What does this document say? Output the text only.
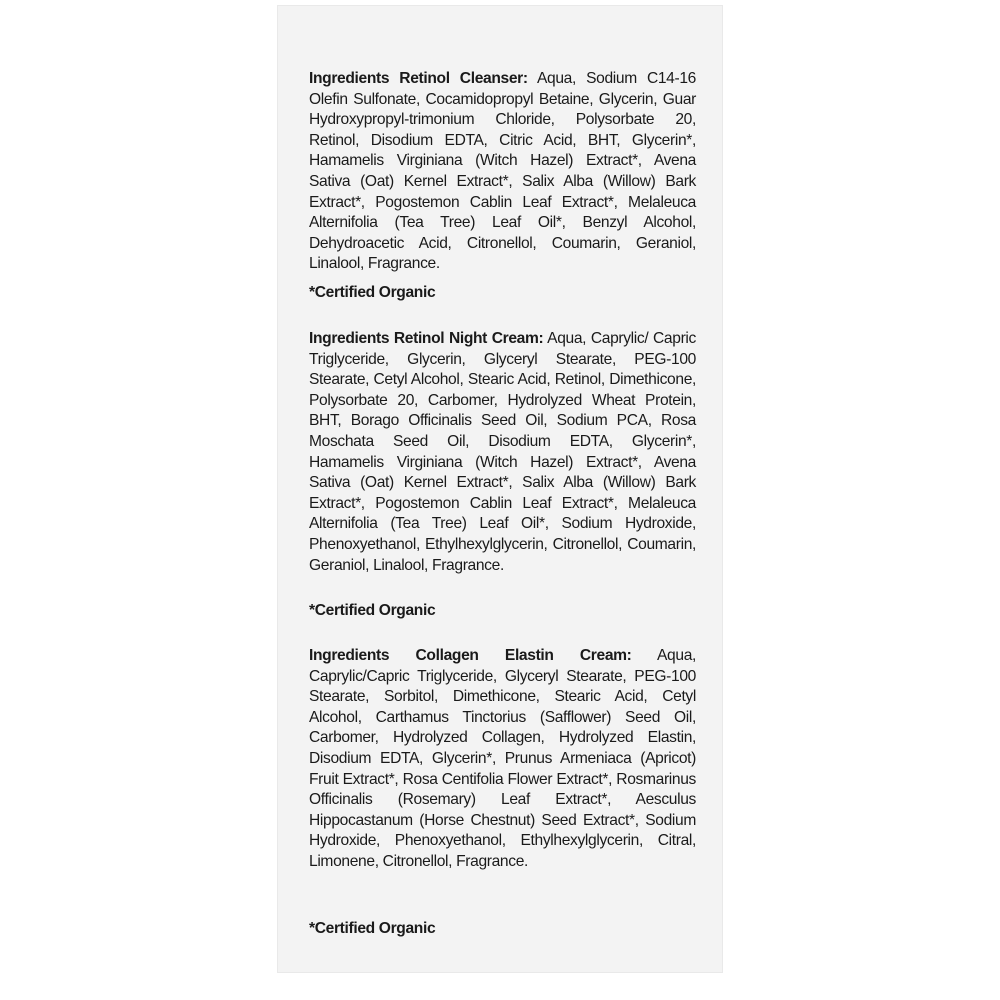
Ingredients Retinol Cleanser: Aqua, Sodium C14-16 Olefin Sulfonate, Cocamidopropyl Betaine, Glycerin, Guar Hydroxypropyl-trimonium Chloride, Polysorbate 20, Retinol, Disodium EDTA, Citric Acid, BHT, Glycerin*, Hamamelis Virginiana (Witch Hazel) Extract*, Avena Sativa (Oat) Kernel Extract*, Salix Alba (Willow) Bark Extract*, Pogostemon Cablin Leaf Extract*, Melaleuca Alternifolia (Tea Tree) Leaf Oil*, Benzyl Alcohol, Dehydroacetic Acid, Citronellol, Coumarin, Geraniol, Linalool, Fragrance.

*Certified Organic

Ingredients Retinol Night Cream: Aqua, Caprylic/ Capric Triglyceride, Glycerin, Glyceryl Stearate, PEG-100 Stearate, Cetyl Alcohol, Stearic Acid, Retinol, Dimethicone, Polysorbate 20, Carbomer, Hydrolyzed Wheat Protein, BHT, Borago Officinalis Seed Oil, Sodium PCA, Rosa Moschata Seed Oil, Disodium EDTA, Glycerin*, Hamamelis Virginiana (Witch Hazel) Extract*, Avena Sativa (Oat) Kernel Extract*, Salix Alba (Willow) Bark Extract*, Pogostemon Cablin Leaf Extract*, Melaleuca Alternifolia (Tea Tree) Leaf Oil*, Sodium Hydroxide, Phenoxyethanol, Ethylhexylglycerin, Citronellol, Coumarin, Geraniol, Linalool, Fragrance.

*Certified Organic

Ingredients Collagen Elastin Cream: Aqua, Caprylic/Capric Triglyceride, Glyceryl Stearate, PEG-100 Stearate, Sorbitol, Dimethicone, Stearic Acid, Cetyl Alcohol, Carthamus Tinctorius (Safflower) Seed Oil, Carbomer, Hydrolyzed Collagen, Hydrolyzed Elastin, Disodium EDTA, Glycerin*, Prunus Armeniaca (Apricot) Fruit Extract*, Rosa Centifolia Flower Extract*, Rosmarinus Officinalis (Rosemary) Leaf Extract*, Aesculus Hippocastanum (Horse Chestnut) Seed Extract*, Sodium Hydroxide, Phenoxyethanol, Ethylhexylglycerin, Citral, Limonene, Citronellol, Fragrance.

*Certified Organic
